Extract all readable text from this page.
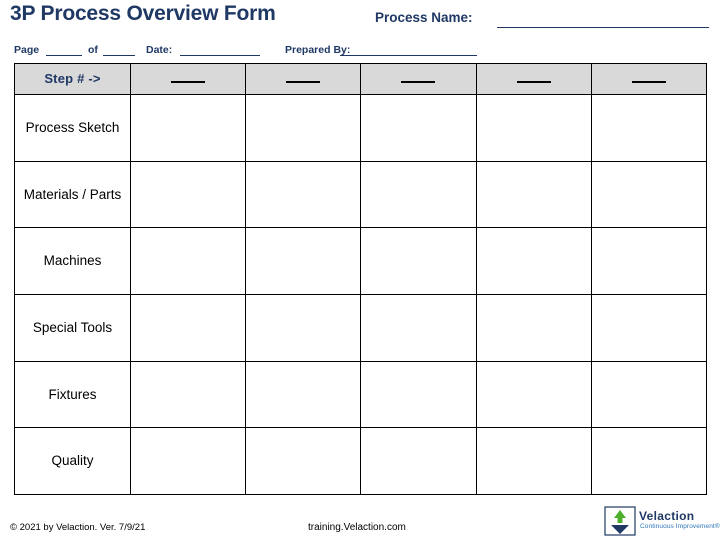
3P Process Overview Form	Process Name:
Page	of	Date:	Prepared By:
Step # ->					
Process Sketch					
Materials / Parts					
Machines					
Special Tools					
Fixtures					
Quality					
© 2021 by Velaction. Ver. 7/9/21	training.Velaction.com
Velaction
Continuous Improvement®
